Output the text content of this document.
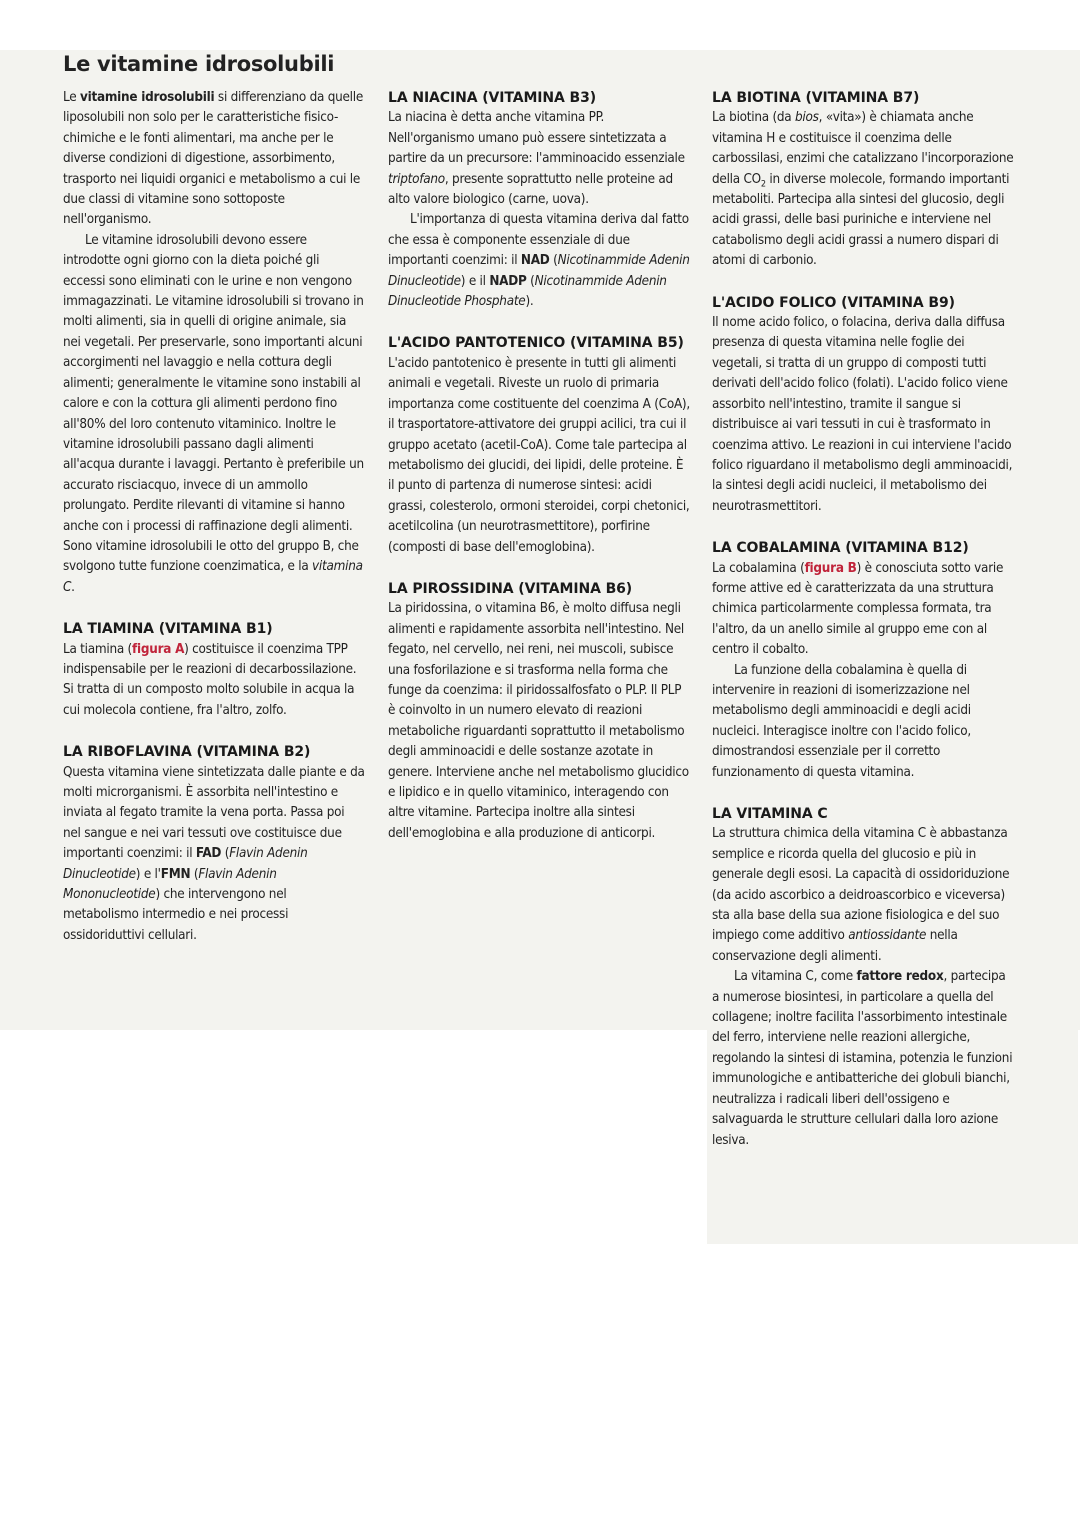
Le vitamine idrosolubili

Le vitamine idrosolubili si differenziano da quelle liposolubili non solo per le caratteristiche fisico-chimiche e le fonti alimentari, ma anche per le diverse condizioni di digestione, assorbimento, trasporto nei liquidi organici e metabolismo a cui le due classi di vitamine sono sottoposte nell'organismo.

Le vitamine idrosolubili devono essere introdotte ogni giorno con la dieta poiché gli eccessi sono eliminati con le urine e non vengono immagazzinati. Le vitamine idrosolubili si trovano in molti alimenti, sia in quelli di origine animale, sia nei vegetali. Per preservarle, sono importanti alcuni accorgimenti nel lavaggio e nella cottura degli alimenti; generalmente le vitamine sono instabili al calore e con la cottura gli alimenti perdono fino all'80% del loro contenuto vitaminico. Inoltre le vitamine idrosolubili passano dagli alimenti all'acqua durante i lavaggi. Pertanto è preferibile un accurato risciacquo, invece di un ammollo prolungato. Perdite rilevanti di vitamine si hanno anche con i processi di raffinazione degli alimenti. Sono vitamine idrosolubili le otto del gruppo B, che svolgono tutte funzione coenzimatica, e la vitamina C.

LA TIAMINA (VITAMINA B1)

La tiamina (figura A) costituisce il coenzima TPP indispensabile per le reazioni di decarbossilazione. Si tratta di un composto molto solubile in acqua la cui molecola contiene, fra l'altro, zolfo.

LA RIBOFLAVINA (VITAMINA B2)

Questa vitamina viene sintetizzata dalle piante e da molti microrganismi. È assorbita nell'intestino e inviata al fegato tramite la vena porta. Passa poi nel sangue e nei vari tessuti ove costituisce due importanti coenzimi: il FAD (Flavin Adenin Dinucleotide) e l'FMN (Flavin Adenin Mononucleotide) che intervengono nel metabolismo intermedio e nei processi ossidoriduttivi cellulari.

LA NIACINA (VITAMINA B3)

La niacina è detta anche vitamina PP. Nell'organismo umano può essere sintetizzata a partire da un precursore: l'amminoacido essenziale triptofano, presente soprattutto nelle proteine ad alto valore biologico (carne, uova).

L'importanza di questa vitamina deriva dal fatto che essa è componente essenziale di due importanti coenzimi: il NAD (Nicotinammide Adenin Dinucleotide) e il NADP (Nicotinammide Adenin Dinucleotide Phosphate).

L'ACIDO PANTOTENICO (VITAMINA B5)

L'acido pantotenico è presente in tutti gli alimenti animali e vegetali. Riveste un ruolo di primaria importanza come costituente del coenzima A (CoA), il trasportatore-attivatore dei gruppi acilici, tra cui il gruppo acetato (acetil-CoA). Come tale partecipa al metabolismo dei glucidi, dei lipidi, delle proteine. È il punto di partenza di numerose sintesi: acidi grassi, colesterolo, ormoni steroidei, corpi chetonici, acetilcolina (un neurotrasmettitore), porfirine (composti di base dell'emoglobina).

LA PIROSSIDINA (VITAMINA B6)

La piridossina, o vitamina B6, è molto diffusa negli alimenti e rapidamente assorbita nell'intestino. Nel fegato, nel cervello, nei reni, nei muscoli, subisce una fosforilazione e si trasforma nella forma che funge da coenzima: il piridossalfosfato o PLP. Il PLP è coinvolto in un numero elevato di reazioni metaboliche riguardanti soprattutto il metabolismo degli amminoacidi e delle sostanze azotate in genere. Interviene anche nel metabolismo glucidico e lipidico e in quello vitaminico, interagendo con altre vitamine. Partecipa inoltre alla sintesi dell'emoglobina e alla produzione di anticorpi.

LA BIOTINA (VITAMINA B7)

La biotina (da bios, «vita») è chiamata anche vitamina H e costituisce il coenzima delle carbossilasi, enzimi che catalizzano l'incorporazione della $CO_2$ in diverse molecole, formando importanti metaboliti. Partecipa alla sintesi del glucosio, degli acidi grassi, delle basi puriniche e interviene nel catabolismo degli acidi grassi a numero dispari di atomi di carbonio.

L'ACIDO FOLICO (VITAMINA B9)

Il nome acido folico, o folacina, deriva dalla diffusa presenza di questa vitamina nelle foglie dei vegetali, si tratta di un gruppo di composti tutti derivati dell'acido folico (folati). L'acido folico viene assorbito nell'intestino, tramite il sangue si distribuisce ai vari tessuti in cui è trasformato in coenzima attivo. Le reazioni in cui interviene l'acido folico riguardano il metabolismo degli amminoacidi, la sintesi degli acidi nucleici, il metabolismo dei neurotrasmettitori.

LA COBALAMINA (VITAMINA B12)

La cobalamina (figura B) è conosciuta sotto varie forme attive ed è caratterizzata da una struttura chimica particolarmente complessa formata, tra l'altro, da un anello simile al gruppo eme con al centro il cobalto.

La funzione della cobalamina è quella di intervenire in reazioni di isomerizzazione nel metabolismo degli amminoacidi e degli acidi nucleici. Interagisce inoltre con l'acido folico, dimostrandosi essenziale per il corretto funzionamento di questa vitamina.

LA VITAMINA C

La struttura chimica della vitamina C è abbastanza semplice e ricorda quella del glucosio e più in generale degli esosi. La capacità di ossidoriduzione (da acido ascorbico a deidroascorbico e viceversa) sta alla base della sua azione fisiologica e del suo impiego come additivo antiossidante nella conservazione degli alimenti.

La vitamina C, come fattore redox, partecipa a numerose biosintesi, in particolare a quella del collagene; inoltre facilita l'assorbimento intestinale del ferro, interviene nelle reazioni allergiche, regolando la sintesi di istamina, potenzia le funzioni immunologiche e antibatteriche dei globuli bianchi, neutralizza i radicali liberi dell'ossigeno e salvaguarda le strutture cellulari dalla loro azione lesiva.
